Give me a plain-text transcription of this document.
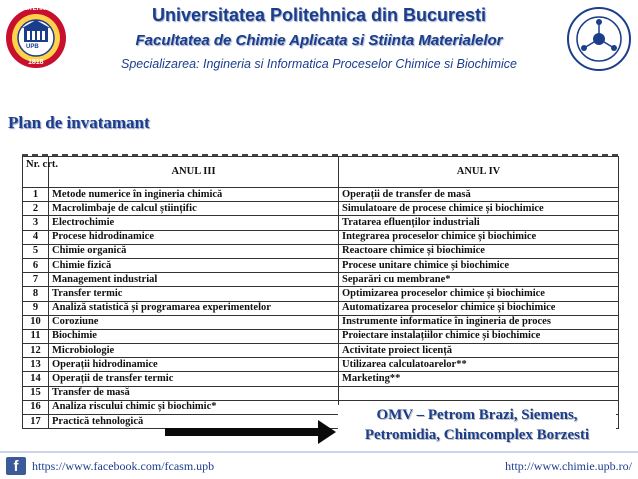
UPB
POLITEHNICA
1818
Universitatea Politehnica din Bucuresti
Facultatea de Chimie Aplicata si Stiinta Materialelor
Specializarea: Ingineria si Informatica Proceselor Chimice si Biochimice
Plan de invatamant
Nr. crt.	ANUL III	ANUL IV
1	Metode numerice în ingineria chimică	Operații de transfer de masă
2	Macrolimbaje de calcul științific	Simulatoare de procese chimice și biochimice
3	Electrochimie	Tratarea efluenților industriali
4	Procese hidrodinamice	Integrarea proceselor chimice și biochimice
5	Chimie organică	Reactoare chimice și biochimice
6	Chimie fizică	Procese unitare chimice și biochimice
7	Management industrial	Separări cu membrane*
8	Transfer termic	Optimizarea proceselor chimice și biochimice
9	Analiză statistică și programarea experimentelor	Automatizarea proceselor chimice și biochimice
10	Coroziune	Instrumente informatice în ingineria de proces
11	Biochimie	Proiectare instalațiilor chimice și biochimice
12	Microbiologie	Activitate proiect licență
13	Operații hidrodinamice	Utilizarea calculatoarelor**
14	Operații de transfer termic	Marketing**
15	Transfer de masă	
16	Analiza riscului chimic și biochimic*	
17	Practică tehnologică		OMV – Petrom Brazi, Siemens,
Petromidia, Chimcomplex Borzesti
f	https://www.facebook.com/fcasm.upb	http://www.chimie.upb.ro/
